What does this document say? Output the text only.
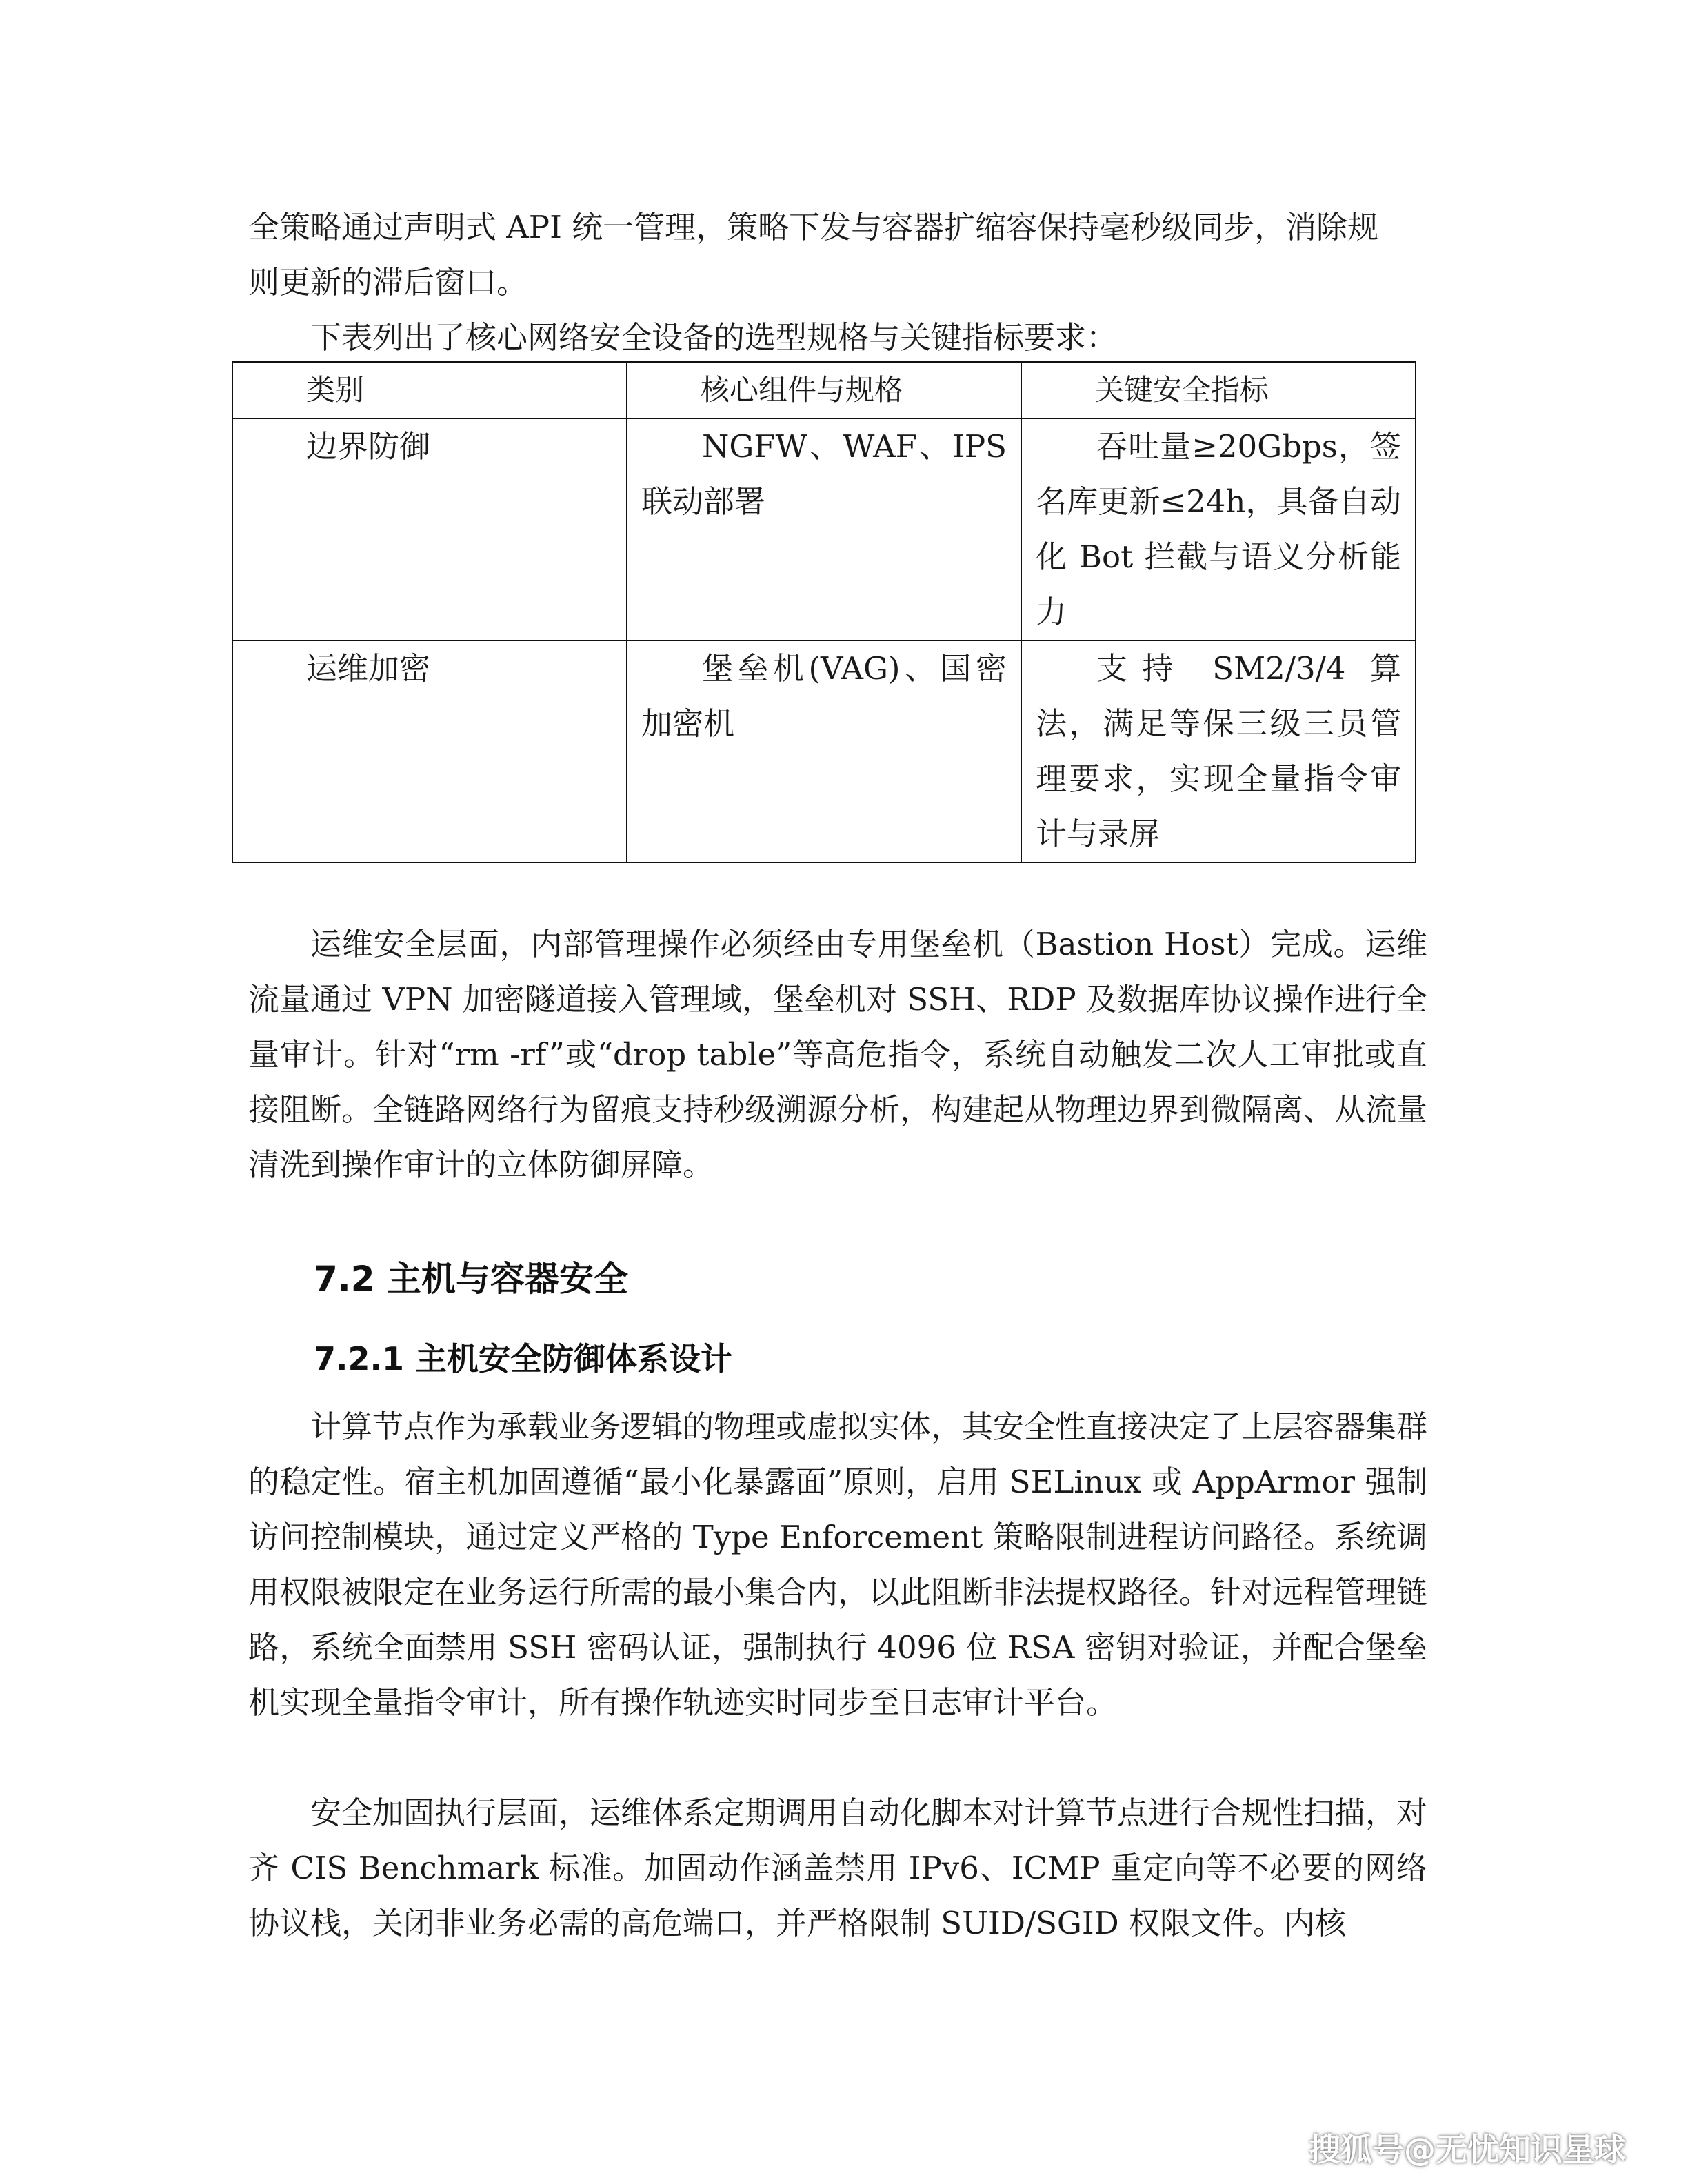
全策略通过声明式 API 统一管理，策略下发与容器扩缩容保持毫秒级同步，消除规
则更新的滞后窗口。

下表列出了核心网络安全设备的选型规格与关键指标要求：

类别	核心组件与规格	关键安全指标
边界防御	NGFW、WAF、IPS 联动部署	吞吐量≥20Gbps，签名库更新≤24h，具备自动化 Bot 拦截与语义分析能力
运维加密	堡垒机(VAG)、国密加密机	支持 SM2/3/4 算法，满足等保三级三员管理要求，实现全量指令审计与录屏

运维安全层面，内部管理操作必须经由专用堡垒机（Bastion Host）完成。运维流量通过 VPN 加密隧道接入管理域，堡垒机对 SSH、RDP 及数据库协议操作进行全量审计。针对“rm -rf”或“drop table”等高危指令，系统自动触发二次人工审批或直接阻断。全链路网络行为留痕支持秒级溯源分析，构建起从物理边界到微隔离、从流量清洗到操作审计的立体防御屏障。

7.2 主机与容器安全
7.2.1 主机安全防御体系设计

计算节点作为承载业务逻辑的物理或虚拟实体，其安全性直接决定了上层容器集群的稳定性。宿主机加固遵循“最小化暴露面”原则，启用 SELinux 或 AppArmor 强制访问控制模块，通过定义严格的 Type Enforcement 策略限制进程访问路径。系统调用权限被限定在业务运行所需的最小集合内，以此阻断非法提权路径。针对远程管理链路，系统全面禁用 SSH 密码认证，强制执行 4096 位 RSA 密钥对验证，并配合堡垒机实现全量指令审计，所有操作轨迹实时同步至日志审计平台。

安全加固执行层面，运维体系定期调用自动化脚本对计算节点进行合规性扫描，对齐 CIS Benchmark 标准。加固动作涵盖禁用 IPv6、ICMP 重定向等不必要的网络协议栈，关闭非业务必需的高危端口，并严格限制 SUID/SGID 权限文件。内核

搜狐号@无忧知识星球
